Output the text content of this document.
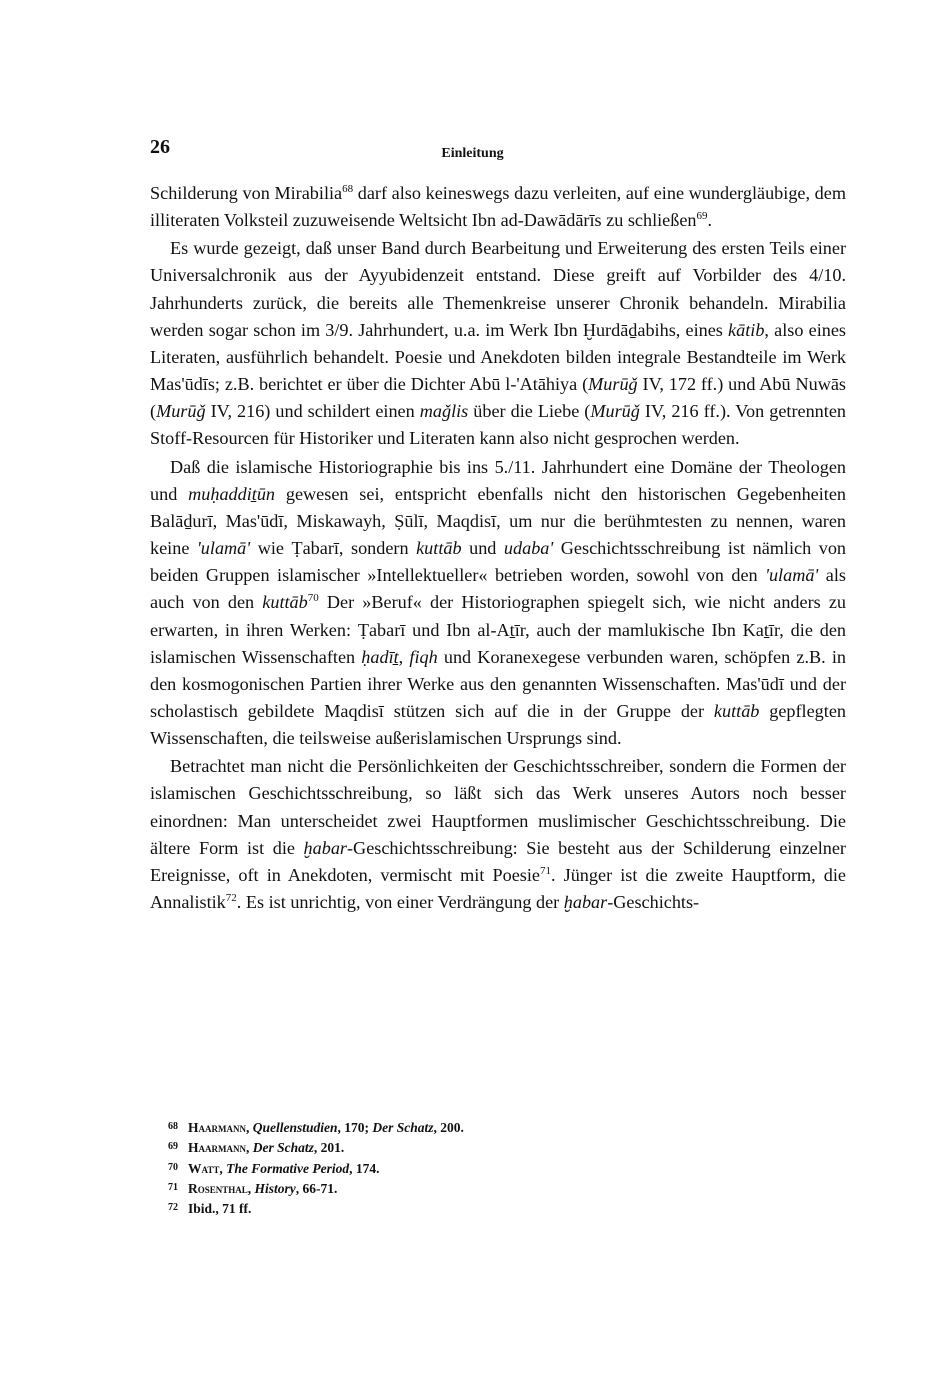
26	Einleitung

Schilderung von Mirabilia$^{68}$ darf also keineswegs dazu verleiten, auf eine wundergläubige, dem illiteraten Volksteil zuzuweisende Weltsicht Ibn ad-Dawādārīs zu schließen$^{69}$.

Es wurde gezeigt, daß unser Band durch Bearbeitung und Erweiterung des ersten Teils einer Universalchronik aus der Ayyubidenzeit entstand. Diese greift auf Vorbilder des 4/10. Jahrhunderts zurück, die bereits alle Themenkreise unserer Chronik behandeln. Mirabilia werden sogar schon im 3/9. Jahrhundert, u.a. im Werk Ibn Ḫurdāḏabihs, eines kātib, also eines Literaten, ausführlich behandelt. Poesie und Anekdoten bilden integrale Bestandteile im Werk Mas'ūdīs; z.B. berichtet er über die Dichter Abū l-'Atāhiya (Murūǧ IV, 172 ff.) und Abū Nuwās (Murūǧ IV, 216) und schildert einen maǧlis über die Liebe (Murūǧ IV, 216 ff.). Von getrennten Stoff-Resourcen für Historiker und Literaten kann also nicht gesprochen werden.

Daß die islamische Historiographie bis ins 5./11. Jahrhundert eine Domäne der Theologen und muḥaddiṯūn gewesen sei, entspricht ebenfalls nicht den historischen Gegebenheiten Balāḏurī, Mas'ūdī, Miskawayh, Ṣūlī, Maqdisī, um nur die berühmtesten zu nennen, waren keine 'ulamā' wie Ṭabarī, sondern kuttāb und udaba' Geschichtsschreibung ist nämlich von beiden Gruppen islamischer »Intellektueller« betrieben worden, sowohl von den 'ulamā' als auch von den kuttāb$^{70}$ Der »Beruf« der Historiographen spiegelt sich, wie nicht anders zu erwarten, in ihren Werken: Ṭabarī und Ibn al-Aṯīr, auch der mamlukische Ibn Kaṯīr, die den islamischen Wissenschaften ḥadīṯ, fiqh und Koranexegese verbunden waren, schöpfen z.B. in den kosmogonischen Partien ihrer Werke aus den genannten Wissenschaften. Mas'ūdī und der scholastisch gebildete Maqdisī stützen sich auf die in der Gruppe der kuttāb gepflegten Wissenschaften, die teilsweise außerislamischen Ursprungs sind.

Betrachtet man nicht die Persönlichkeiten der Geschichtsschreiber, sondern die Formen der islamischen Geschichtsschreibung, so läßt sich das Werk unseres Autors noch besser einordnen: Man unterscheidet zwei Hauptformen muslimischer Geschichtsschreibung. Die ältere Form ist die ḫabar-Geschichtsschreibung: Sie besteht aus der Schilderung einzelner Ereignisse, oft in Anekdoten, vermischt mit Poesie$^{71}$. Jünger ist die zweite Hauptform, die Annalistik$^{72}$. Es ist unrichtig, von einer Verdrängung der ḫabar-Geschichts-

68 Haarmann, Quellenstudien, 170; Der Schatz, 200.

69 Haarmann, Der Schatz, 201.

70 Watt, The Formative Period, 174.

71 Rosenthal, History, 66-71.

72 Ibid., 71 ff.
